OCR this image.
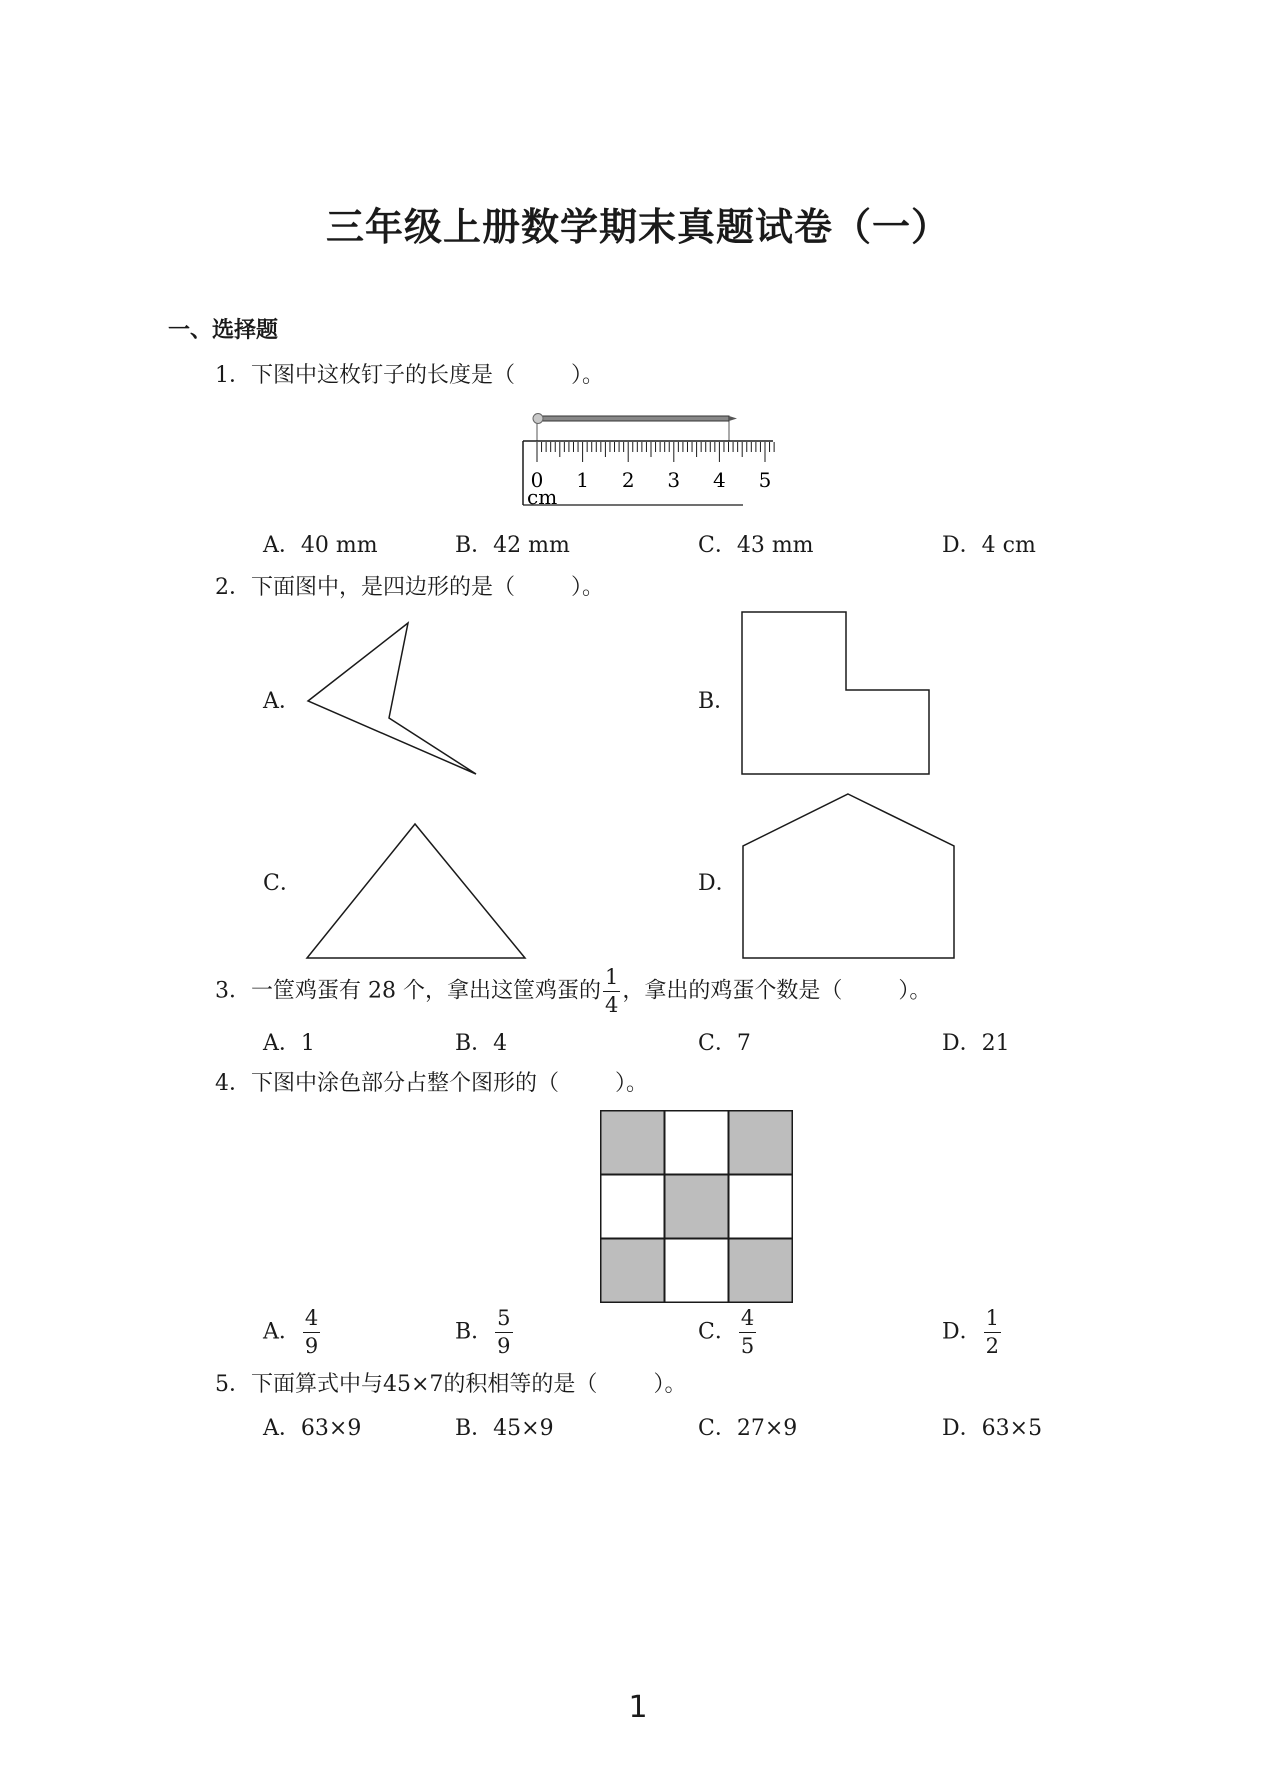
三年级上册数学期末真题试卷（一）
一、选择题
1．下图中这枚钉子的长度是（	）。
0 1 2 3 4 5
cm
A．40 mm	B．42 mm	C．43 mm	D．4 cm
2．下面图中，是四边形的是（	）。
A．	B．
C．	D．
3．一筐鸡蛋有 28 个，拿出这筐鸡蛋的 $\frac{1}{4}$ ，拿出的鸡蛋个数是（	）。
A．1	B．4	C．7	D．21
4．下图中涂色部分占整个图形的（	）。
A． $\frac{4}{9}$	B． $\frac{5}{9}$	C． $\frac{4}{5}$	D． $\frac{1}{2}$
5．下面算式中与45×7的积相等的是（	）。
A．63×9	B．45×9	C．27×9	D．63×5
1
